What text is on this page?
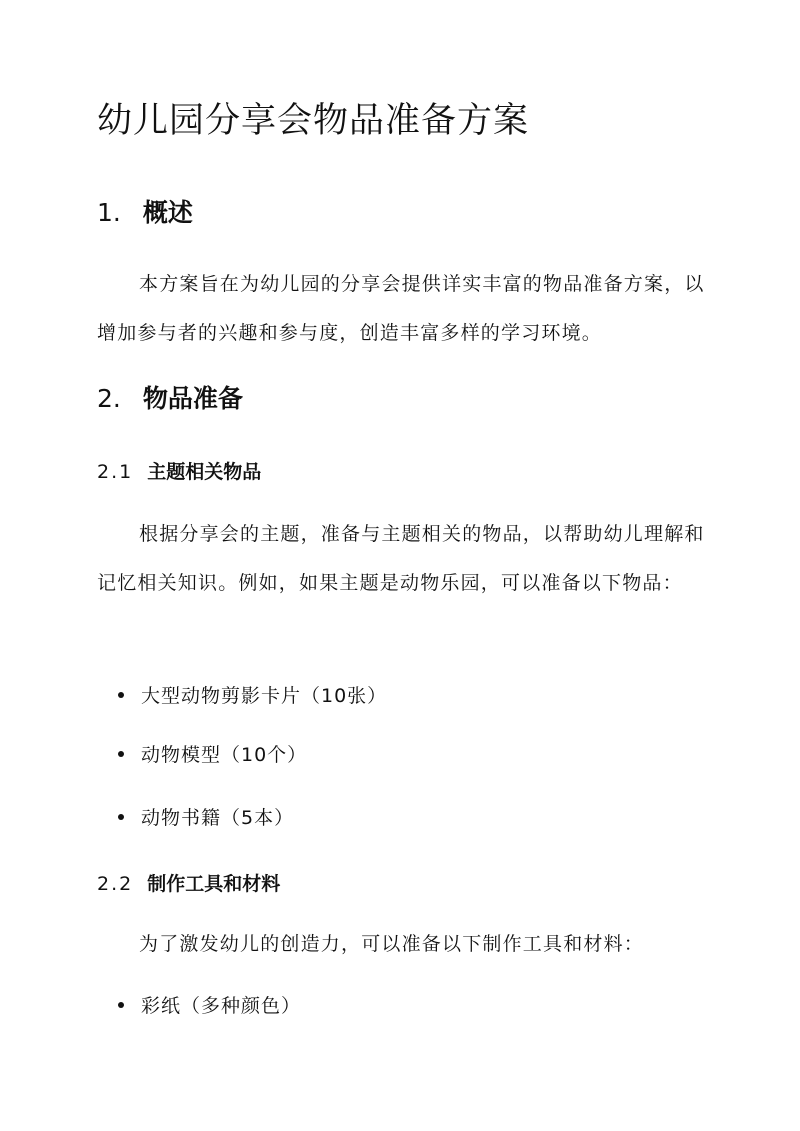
幼儿园分享会物品准备方案
1. 概述

本方案旨在为幼儿园的分享会提供详实丰富的物品准备方案，以增加参与者的兴趣和参与度，创造丰富多样的学习环境。

2. 物品准备
2.1 主题相关物品

根据分享会的主题，准备与主题相关的物品，以帮助幼儿理解和记忆相关知识。例如，如果主题是动物乐园，可以准备以下物品：

大型动物剪影卡片（10张）

动物模型（10个）

动物书籍（5本）

2.2 制作工具和材料

为了激发幼儿的创造力，可以准备以下制作工具和材料：

彩纸（多种颜色）
